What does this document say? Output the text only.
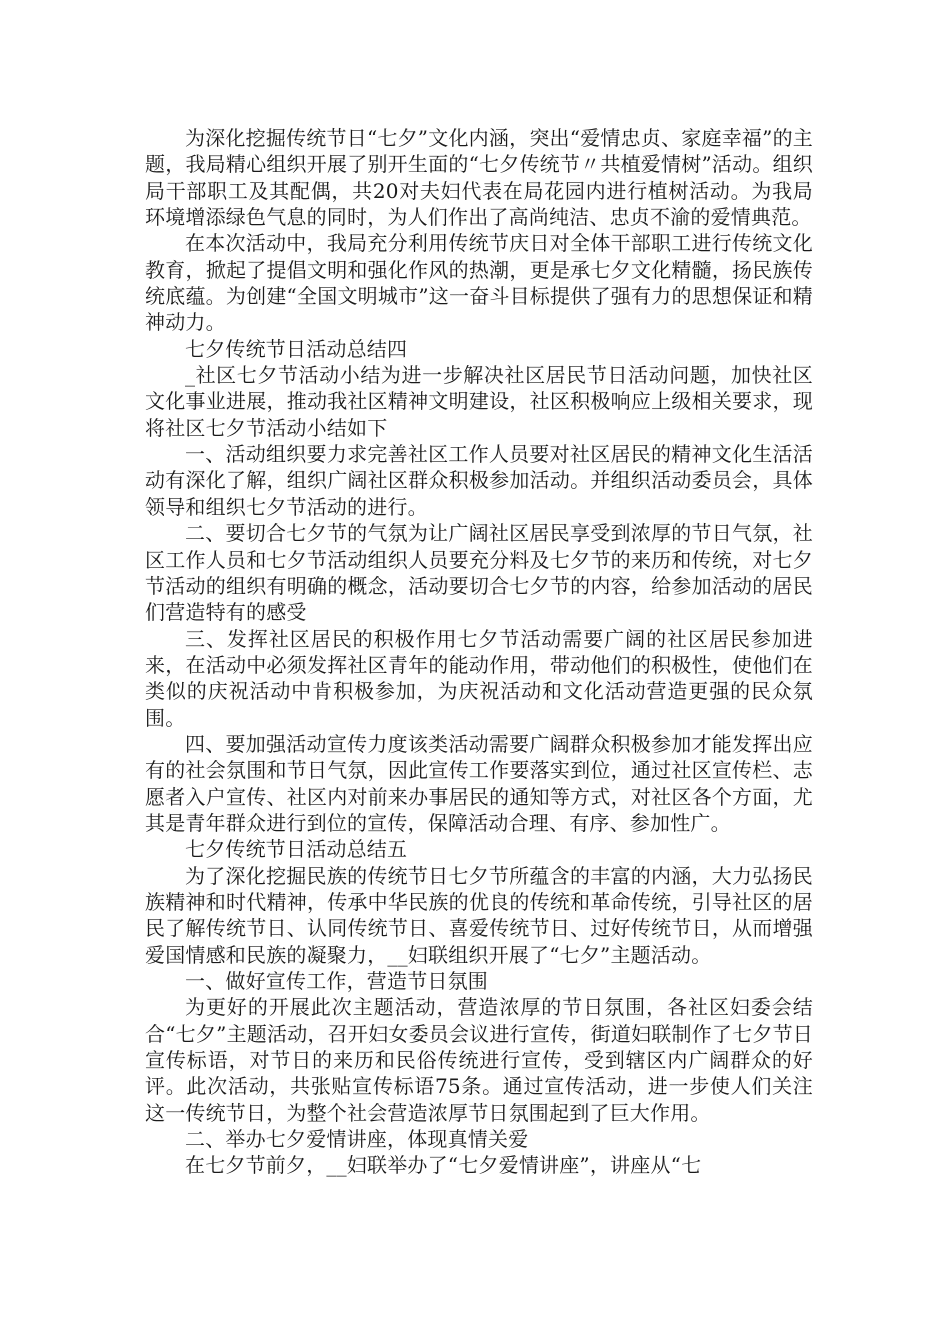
为深化挖掘传统节日“七夕”文化内涵，突出“爱情忠贞、家庭幸福”的主题，我局精心组织开展了别开生面的“七夕传统节〃共植爱情树”活动。组织局干部职工及其配偶，共20对夫妇代表在局花园内进行植树活动。为我局环境增添绿色气息的同时，为人们作出了高尚纯洁、忠贞不渝的爱情典范。

在本次活动中，我局充分利用传统节庆日对全体干部职工进行传统文化教育，掀起了提倡文明和强化作风的热潮，更是承七夕文化精髓，扬民族传统底蕴。为创建“全国文明城市”这一奋斗目标提供了强有力的思想保证和精神动力。

七夕传统节日活动总结四

_社区七夕节活动小结为进一步解决社区居民节日活动问题，加快社区文化事业进展，推动我社区精神文明建设，社区积极响应上级相关要求，现将社区七夕节活动小结如下

一、活动组织要力求完善社区工作人员要对社区居民的精神文化生活活动有深化了解，组织广阔社区群众积极参加活动。并组织活动委员会，具体领导和组织七夕节活动的进行。

二、要切合七夕节的气氛为让广阔社区居民享受到浓厚的节日气氛，社区工作人员和七夕节活动组织人员要充分料及七夕节的来历和传统，对七夕节活动的组织有明确的概念，活动要切合七夕节的内容，给参加活动的居民们营造特有的感受

三、发挥社区居民的积极作用七夕节活动需要广阔的社区居民参加进来，在活动中必须发挥社区青年的能动作用，带动他们的积极性，使他们在类似的庆祝活动中肯积极参加，为庆祝活动和文化活动营造更强的民众氛围。

四、要加强活动宣传力度该类活动需要广阔群众积极参加才能发挥出应有的社会氛围和节日气氛，因此宣传工作要落实到位，通过社区宣传栏、志愿者入户宣传、社区内对前来办事居民的通知等方式，对社区各个方面，尤其是青年群众进行到位的宣传，保障活动合理、有序、参加性广。

七夕传统节日活动总结五

为了深化挖掘民族的传统节日七夕节所蕴含的丰富的内涵，大力弘扬民族精神和时代精神，传承中华民族的优良的传统和革命传统，引导社区的居民了解传统节日、认同传统节日、喜爱传统节日、过好传统节日，从而增强爱国情感和民族的凝聚力，__妇联组织开展了“七夕”主题活动。

一、做好宣传工作，营造节日氛围

为更好的开展此次主题活动，营造浓厚的节日氛围，各社区妇委会结合“七夕”主题活动，召开妇女委员会议进行宣传，街道妇联制作了七夕节日宣传标语，对节日的来历和民俗传统进行宣传，受到辖区内广阔群众的好评。此次活动，共张贴宣传标语75条。通过宣传活动，进一步使人们关注这一传统节日，为整个社会营造浓厚节日氛围起到了巨大作用。

二、举办七夕爱情讲座，体现真情关爱

在七夕节前夕，__妇联举办了“七夕爱情讲座”，讲座从“七
